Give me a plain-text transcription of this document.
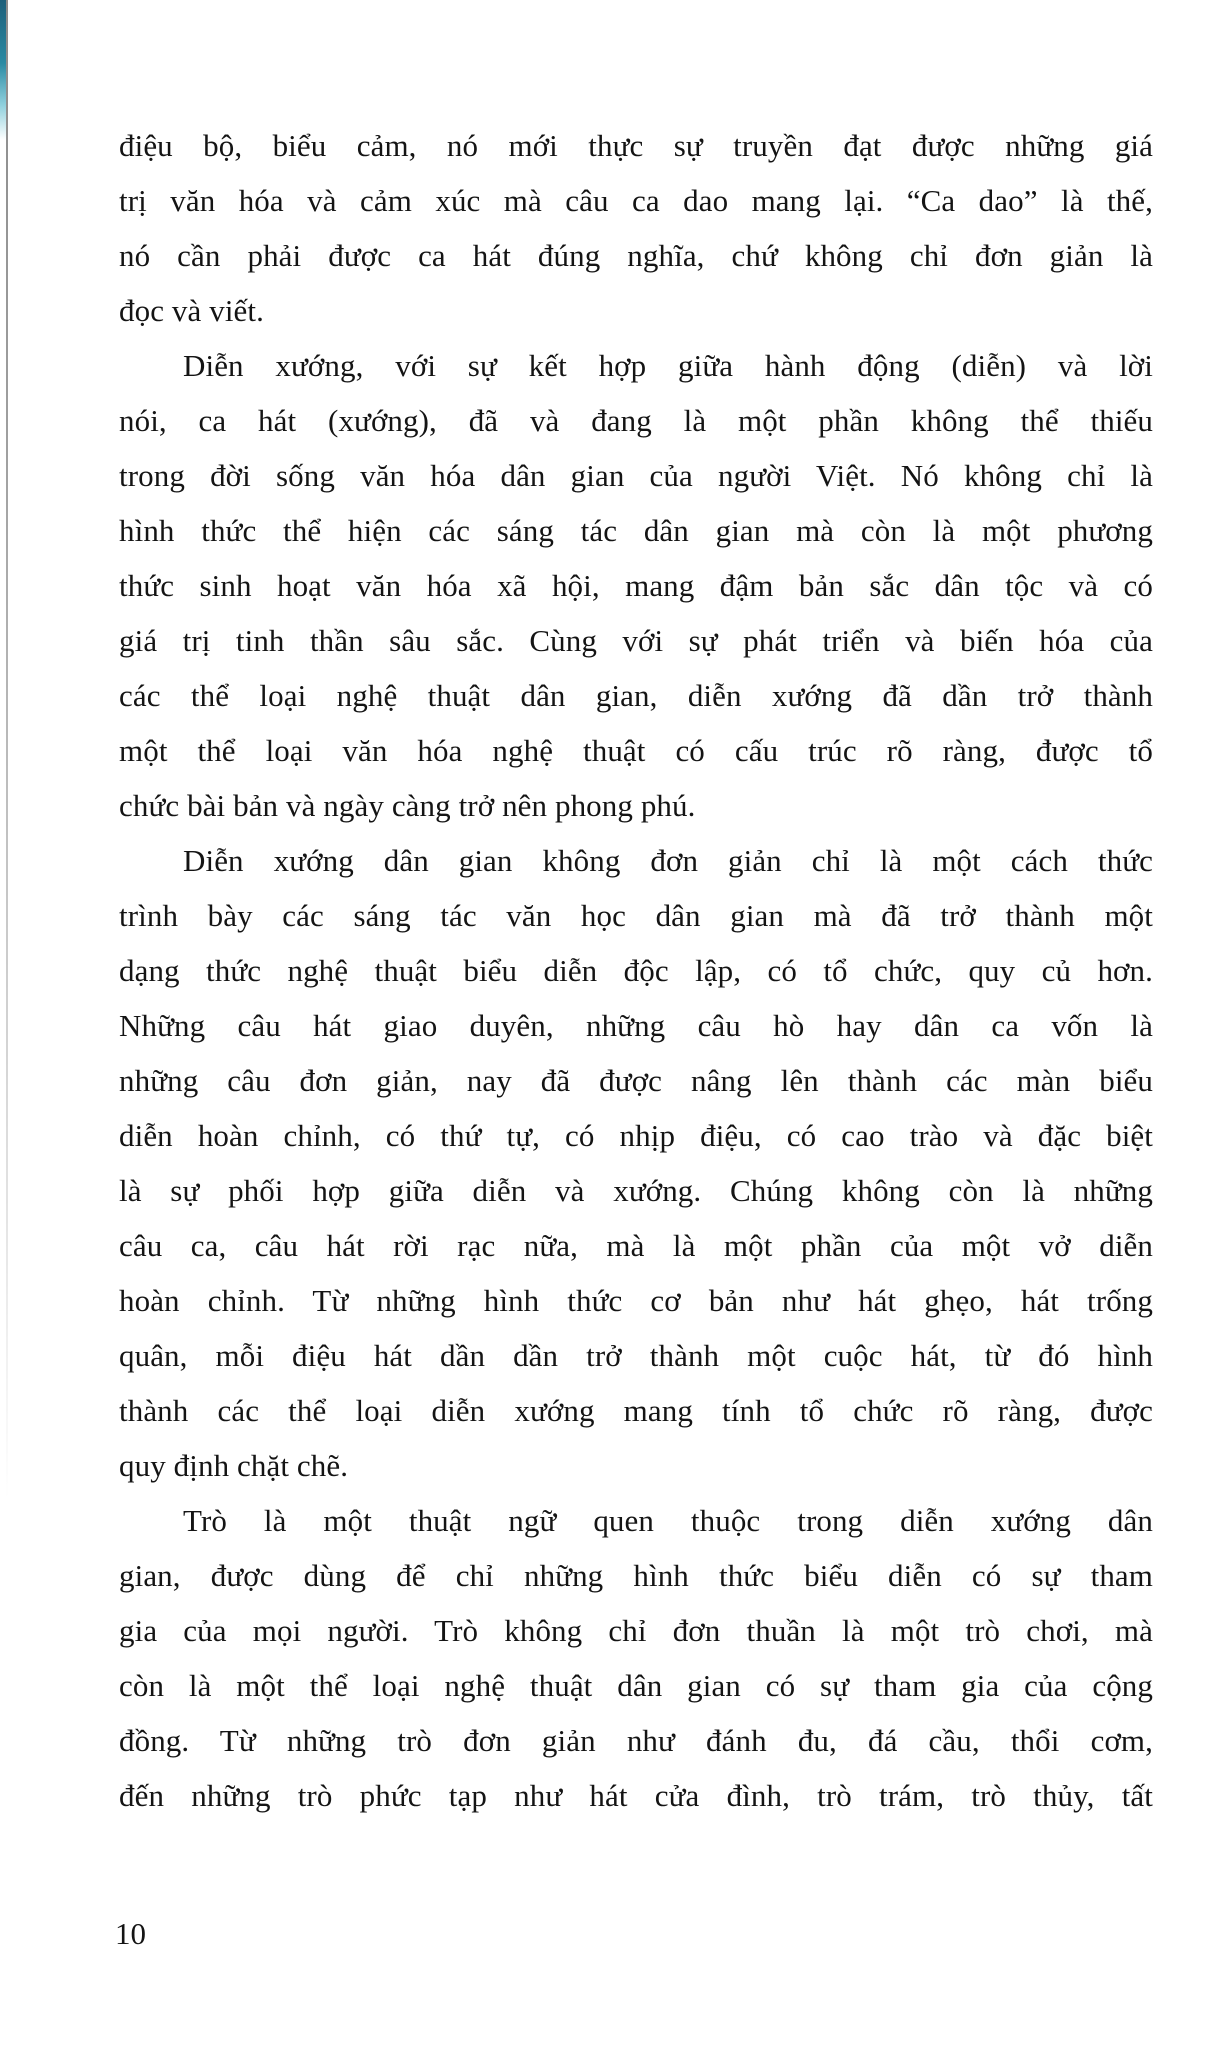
điệu bộ, biểu cảm, nó mới thực sự truyền đạt được những giá
trị văn hóa và cảm xúc mà câu ca dao mang lại. “Ca dao” là thế,
nó cần phải được ca hát đúng nghĩa, chứ không chỉ đơn giản là
đọc và viết.
Diễn xướng, với sự kết hợp giữa hành động (diễn) và lời
nói, ca hát (xướng), đã và đang là một phần không thể thiếu
trong đời sống văn hóa dân gian của người Việt. Nó không chỉ là
hình thức thể hiện các sáng tác dân gian mà còn là một phương
thức sinh hoạt văn hóa xã hội, mang đậm bản sắc dân tộc và có
giá trị tinh thần sâu sắc. Cùng với sự phát triển và biến hóa của
các thể loại nghệ thuật dân gian, diễn xướng đã dần trở thành
một thể loại văn hóa nghệ thuật có cấu trúc rõ ràng, được tổ
chức bài bản và ngày càng trở nên phong phú.
Diễn xướng dân gian không đơn giản chỉ là một cách thức
trình bày các sáng tác văn học dân gian mà đã trở thành một
dạng thức nghệ thuật biểu diễn độc lập, có tổ chức, quy củ hơn.
Những câu hát giao duyên, những câu hò hay dân ca vốn là
những câu đơn giản, nay đã được nâng lên thành các màn biểu
diễn hoàn chỉnh, có thứ tự, có nhịp điệu, có cao trào và đặc biệt
là sự phối hợp giữa diễn và xướng. Chúng không còn là những
câu ca, câu hát rời rạc nữa, mà là một phần của một vở diễn
hoàn chỉnh. Từ những hình thức cơ bản như hát ghẹo, hát trống
quân, mỗi điệu hát dần dần trở thành một cuộc hát, từ đó hình
thành các thể loại diễn xướng mang tính tổ chức rõ ràng, được
quy định chặt chẽ.
Trò là một thuật ngữ quen thuộc trong diễn xướng dân
gian, được dùng để chỉ những hình thức biểu diễn có sự tham
gia của mọi người. Trò không chỉ đơn thuần là một trò chơi, mà
còn là một thể loại nghệ thuật dân gian có sự tham gia của cộng
đồng. Từ những trò đơn giản như đánh đu, đá cầu, thổi cơm,
đến những trò phức tạp như hát cửa đình, trò trám, trò thủy, tất
10
